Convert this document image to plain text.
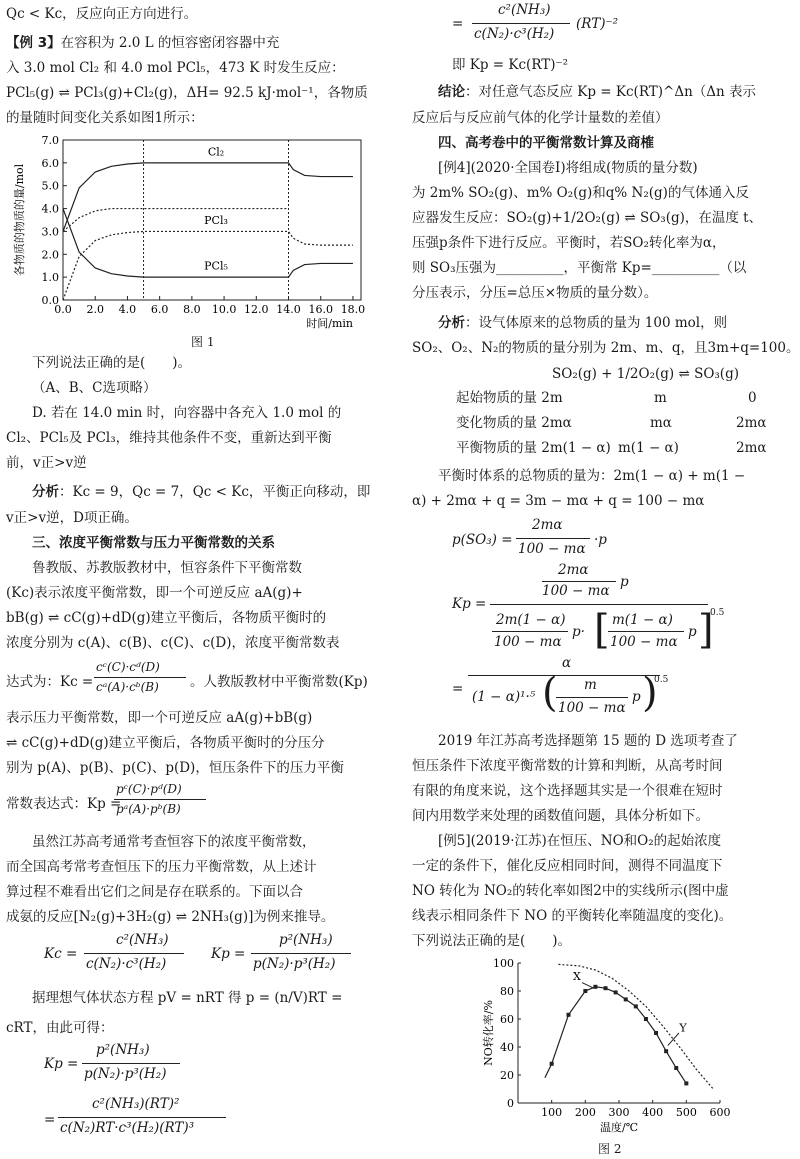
Qc < Kc，反应向正方向进行。
【例 3】在容积为 2.0 L 的恒容密闭容器中充
入 3.0 mol Cl₂ 和 4.0 mol PCl₅，473 K 时发生反应：
PCl₅(g) ⇌ PCl₃(g)+Cl₂(g)，ΔH= 92.5 kJ·mol⁻¹，各物质
的量随时间变化关系如图1所示：
0.0
1.0
2.0
3.0
4.0
5.0
6.0
7.0
0.0 2.0 4.0 6.0 8.0 10.0 12.0 14.0 16.0 18.0
Cl₂
PCl₃
PCl₅
时间/min
各物质的物质的量/mol
图 1
下列说法正确的是(　　)。
（A、B、C选项略）
D. 若在 14.0 min 时，向容器中各充入 1.0 mol 的
Cl₂、PCl₅及 PCl₃，维持其他条件不变，重新达到平衡
前，v正>v逆
分析：Kc = 9，Qc = 7，Qc < Kc，平衡正向移动，即
v正>v逆，D项正确。
三、浓度平衡常数与压力平衡常数的关系
鲁教版、苏教版教材中，恒容条件下平衡常数
(Kc)表示浓度平衡常数，即一个可逆反应 aA(g)+
bB(g) ⇌ cC(g)+dD(g)建立平衡后，各物质平衡时的
浓度分别为 c(A)、c(B)、c(C)、c(D)，浓度平衡常数表
达式为：Kc =
cᶜ(C)·cᵈ(D)
cᵃ(A)·cᵇ(B) 。人教版教材中平衡常数(Kp)
表示压力平衡常数，即一个可逆反应 aA(g)+bB(g)
⇌ cC(g)+dD(g)建立平衡后，各物质平衡时的分压分
别为 p(A)、p(B)、p(C)、p(D)，恒压条件下的压力平衡
常数表达式：Kp =
pᶜ(C)·pᵈ(D)
pᵃ(A)·pᵇ(B)
虽然江苏高考通常考查恒容下的浓度平衡常数，
而全国高考常考查恒压下的压力平衡常数，从上述计
算过程不难看出它们之间是存在联系的。下面以合
成氨的反应[N₂(g)+3H₂(g) ⇌ 2NH₃(g)]为例来推导。
Kc =
c²(NH₃)
c(N₂)·c³(H₂)
Kp =
p²(NH₃)
p(N₂)·p³(H₂)
据理想气体状态方程 pV = nRT 得 p = (n/V)RT =
cRT，由此可得：
Kp =
p²(NH₃)
p(N₂)·p³(H₂)
=
c²(NH₃)(RT)²
c(N₂)RT·c³(H₂)(RT)³
=
c²(NH₃)
c(N₂)·c³(H₂)
(RT)⁻²
即 Kp = Kc(RT)⁻²
结论：对任意气态反应 Kp = Kc(RT)^Δn（Δn 表示
反应后与反应前气体的化学计量数的差值）
四、高考卷中的平衡常数计算及商榷
[例4](2020·全国卷Ⅰ)将组成(物质的量分数)
为 2m% SO₂(g)、m% O₂(g)和q% N₂(g)的气体通入反
应器发生反应：SO₂(g)+1/2O₂(g) ⇌ SO₃(g)，在温度 t、
压强p条件下进行反应。平衡时，若SO₂转化率为α，
则 SO₃压强为__________，平衡常 Kp=__________（以
分压表示，分压=总压×物质的量分数）。
分析：设气体原来的总物质的量为 100 mol，则
SO₂、O₂、N₂的物质的量分别为 2m、m、q，且3m+q=100。
SO₂(g) + 1/2O₂(g) ⇌ SO₃(g)
起始物质的量 2m	m	0
变化物质的量 2mα	mα	2mα
平衡物质的量 2m(1 − α) m(1 − α)	2mα
平衡时体系的总物质的量为：2m(1 − α) + m(1 −
α) + 2mα + q = 3m − mα + q = 100 − mα
p(SO₃) =
2mα
100 − mα
·p
Kp =
2mα
100 − mα
p
2m(1 − α)
100 − mα
p· [ m(1 − α)
100 − mα
p ]
0.5
=
α
(1 − α)¹·⁵ ( m
100 − mα
p )
0.5
2019 年江苏高考选择题第 15 题的 D 选项考查了
恒压条件下浓度平衡常数的计算和判断，从高考时间
有限的角度来说，这个选择题其实是一个很难在短时
间内用数学来处理的函数值问题，具体分析如下。
[例5](2019·江苏)在恒压、NO和O₂的起始浓度
一定的条件下，催化反应相同时间，测得不同温度下
NO 转化为 NO₂的转化率如图2中的实线所示(图中虚
线表示相同条件下 NO 的平衡转化率随温度的变化)。
下列说法正确的是(　　)。
0
20
40
60
80
100
100 200 300 400 500 600
X
Y
温度/℃
NO转化率/%
图 2
